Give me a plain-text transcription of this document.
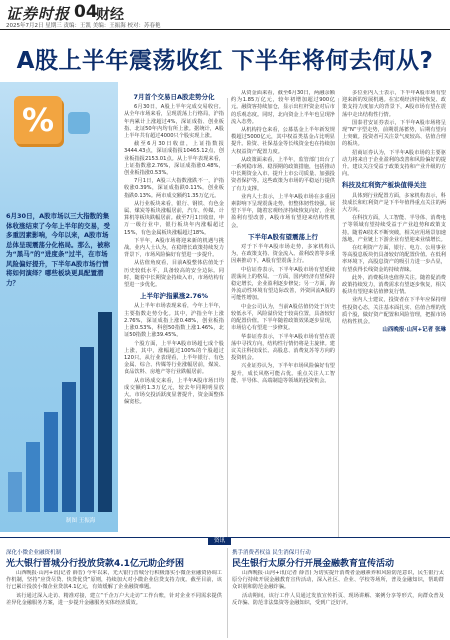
证券时报 04
财经
2025年7月2日 星期三 责编：王凯 美编：王振海 校对：苏春艳
A股上半年震荡收红 下半年将何去何从?
%
6月30日，A股市场以三大指数的集体收涨结束了今年上半年的交易，受多重因素影响，今年以来，A股市场总体呈现震荡分化格局。那么，被称为“黑马”的“进度条”过半，在市场风险偏好提升，下半年A股市场行情将如何演绎？哪些板块更具配置潜力？
制图 王振海
7月首个交易日A股走势分化

6月30日，A股上半年完成交易收官。从全年市场来看，呈现震荡上行格局，沪指年内累计上涨超过4%，深证成指、创业板指、北证50年内均有所上涨。据统计，A股上半年共有超过4000只个股实现上涨。

截至6月30日收盘，上证指数报3444.43点，深证成指报10465.12点，创业板指报2153.01点。从上半年表现来看，上证指数涨2.76%，深证成指涨0.48%，创业板指涨0.53%。

7月1日，A股三大指数涨跌不一，沪指收涨0.39%，深证成指跌0.11%，创业板指跌0.13%。两市成交额约1.35万亿元。

从行业板块来看，银行、钢铁、有色金属、煤炭等板块涨幅居前，汽车、传媒、计算机等板块跌幅居前。截至7月1日收盘，申万一级行业中，银行板块年内涨幅超过15%，有色金属板块涨幅超过18%。

下半年，A股市场将迎来新的机遇与挑战。业内人士认为，在稳增长政策持续发力背景下，市场风险偏好有望进一步提升。

从估值角度看，目前A股整体估值处于历史较低水平，具备较高的安全边际。同时，随着中长期资金持续入市，市场结构有望进一步优化。

上半年沪指累涨2.76%

从上半年市场表现来看，今年上半年，主要指数走势分化。其中，沪指全年上涨2.76%，深证成指上涨0.48%，创业板指上涨0.53%，科创50指数上涨1.46%，北证50指数上涨39.45%。

个股方面，上半年A股市场超七成个股上涨，其中，涨幅超过100%的个股超过120只。从行业表现看，上半年银行、有色金属、综合、传媒等行业涨幅居前，煤炭、食品饮料、房地产等行业跌幅居前。

从市场成交来看，上半年A股市场日均成交额约1.3万亿元，较去年同期明显放大。市场交投活跃度显著提升，资金面整体偏宽松。

从资金面来看，截至6月30日，两融余额约为1.85万亿元，较年初增加超过900亿元。融资客持续加仓，显示出杠杆资金对后市的乐观态度。同时，北向资金上半年也呈现净流入态势。

从机构持仓来看，公募基金上半年新发规模超过5000亿元，其中权益类基金占比明显提升。险资、社保基金等长线资金也在持续加大权益资产配置力度。

从政策面来看，上半年，监管部门出台了一系列稳市场、稳预期的政策措施，包括推动中长期资金入市、提升上市公司质量、加强投资者保护等。这些政策为市场的平稳运行提供了有力支撑。

业内人士表示，上半年A股市场在多重因素影响下呈现震荡走势，但整体韧性较强。展望下半年，随着宏观经济持续恢复向好，企业盈利有望改善，A股市场有望迎来结构性机会。

下半年A股有望震荡上行

对于下半年A股市场走势，多家机构认为，在政策支持、资金流入、盈利改善等多重因素推动下，A股有望震荡上行。

中信证券表示，下半年A股市场有望延续震荡向上的格局。一方面，国内经济有望保持稳定增长，企业盈利逐步修复；另一方面，海外流动性环境有望边际改善，外资回流A股的可能性增加。

中金公司认为，当前A股估值仍处于历史较低水平，风险溢价处于较高位置，具备较好的配置价值。下半年随着政策效果逐步显现，市场信心有望进一步修复。

华泰证券表示，下半年A股市场有望在震荡中寻找方向，结构性行情仍将是主旋律。建议关注科技成长、高股息、消费复苏等方向的投资机会。

兴业证券认为，下半年市场风险偏好有望提升，成长风格可能占优。重点关注人工智能、半导体、高端制造等领域的投资机会。

多位业内人士表示，下半年A股市场有望迎来新的发展机遇。在宏观经济持续恢复、政策支持力度加大的背景下，A股市场有望在震荡中走出结构性行情。

国泰君安证券表示，下半年A股市场将呈现“N”字型走势，前期震荡蓄势，后期有望向上突破。投资者可关注景气度较高、估值合理的板块。

招商证券认为，下半年A股市场的主要驱动力将来自于企业盈利的改善和风险偏好的提升。建议关注受益于政策支持和产业升级的方向。

科技及红利资产板块值得关注

具体到行业配置方面，多家机构表示，科技成长和红利资产是下半年值得重点关注的两大方向。

在科技方面，人工智能、半导体、消费电子等领域有望持续受益于产业趋势和政策支持。随着AI技术不断突破，相关应用场景加速落地，产业链上下游企业有望迎来业绩增长。

在红利资产方面，银行、电力、公用事业等高股息板块仍具备较好的配置价值。在低利率环境下，高股息资产的吸引力进一步凸显，有望获得长线资金的持续青睐。

此外，消费板块也值得关注。随着促消费政策持续发力，消费需求有望逐步恢复，相关板块有望迎来估值修复行情。

业内人士建议，投资者在下半年应保持理性投资心态，关注基本面扎实、估值合理的优质个股，做好资产配置和风险管理，把握市场结构性机会。

山西晚报·山河+记者 张琳
资讯
深化小微企业融资机制
光大银行晋城分行投放贷款4.1亿元助企纾困

山西晚报·山河+讯(记者 薛晋) 今年以来，光大银行晋城分行积极落实小微企业融资协调工作机制，坚持“应贷尽贷、快贷优贷”原则，持续加大对小微企业信贷支持力度。截至目前，该行已累计投放小微企业贷款4.1亿元，有效缓解了企业融资难题。

该行通过深入走访、精准对接，建立“千企万户大走访”工作台账，针对企业不同需求提供差异化金融服务方案，进一步提升金融服务实体经济质效。

携手消费者权益 民生消保月行动
民生银行太原分行开展金融教育宣传活动

山西晚报·山河+讯(记者 薛晋) 为切实提升消费者金融素养和风险防范意识，民生银行太原分行持续开展金融教育宣传活动，深入社区、企业、学校等场所，普及金融知识，帮助群众识别和防范金融诈骗。

活动期间，该行工作人员通过发放宣传折页、现场讲解、案例分享等形式，向群众普及反诈骗、防范非法集资等金融知识，受到广泛好评。
